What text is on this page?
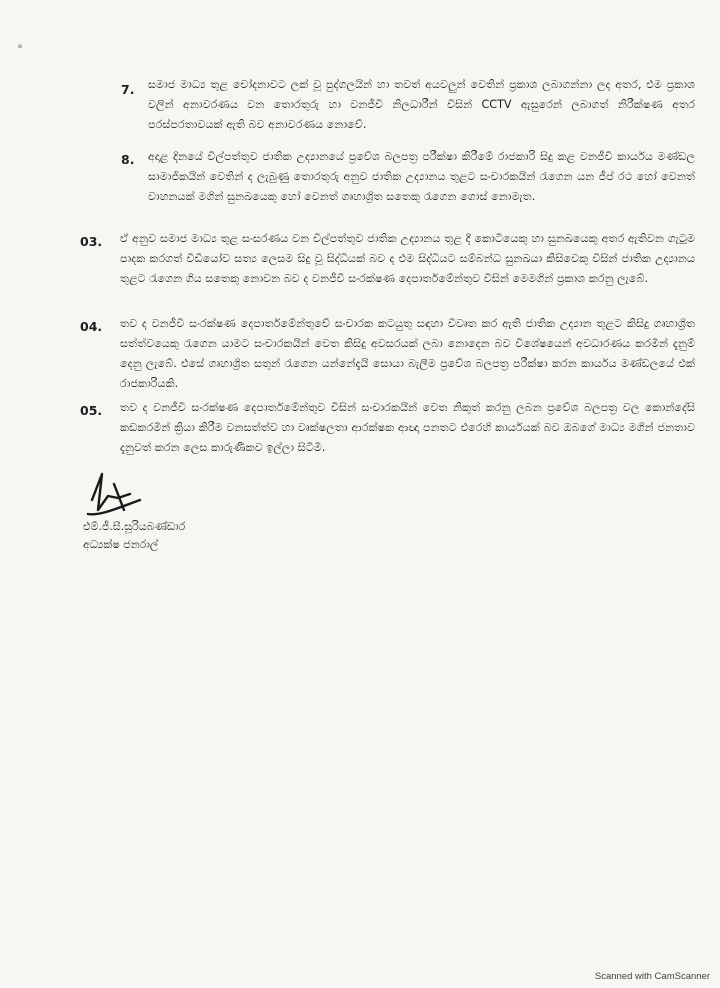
ₑ
7. සමාජ මාධ්‍ය තුළ චෝදනාවට ලක් වූ පුද්ගලයින් හා තවත් අයවලුන් වෙතින් ප්‍රකාශ ලබාගන්නා ලද අතර, එම ප්‍රකාශ වලින් අනාවරණය වන තොරතුරු හා වනජීවී නිලධාරීන් විසින් CCTV ඇසුරෙන් ලබාගත් නිරීක්ෂණ අතර පරස්පරතාවයක් ඇති බව අනාවරණය නොවේ.

8. අදාළ දිනයේ විල්පත්තුව ජාතික උද්‍යානයේ ප්‍රවේශ බලපත්‍ර පරීක්ෂා කිරීමේ රාජකාරි සිදු කළ වනජීවී කාර්යය මණ්ඩල සාමාජිකයින් වෙතින් ද ලැබුණු තොරතුරු අනුව ජාතික උද්‍යානය තුළට සංචාරකයින් රැගෙන යන ජීප් රථ හෝ වෙනත් වාහනයක් මගින් සුනඛයෙකු හෝ වෙනත් ගෘහාශ්‍රිත සතෙකු රැගෙන ගොස් නොමැත.

03. ඒ අනුව සමාජ මාධ්‍ය තුළ සංසරණය වන විල්පත්තුව ජාතික උද්‍යානය තුළ දී කොටියෙකු හා සුනඛයෙකු අතර ඇතිවන ගැටුම පාදක කරගත් වීඩියෝව සත්‍ය ලෙසම සිදු වූ සිද්ධියක් බව ද එම සිද්ධියට සම්බන්ධ සුනඛයා කිසිවෙකු විසින් ජාතික උද්‍යානය තුළට රැගෙන ගිය සතෙකු නොවන බව ද වනජීවී සංරක්ෂණ දෙපාර්තමේන්තුව විසින් මෙමගින් ප්‍රකාශ කරනු ලැබේ.

04. තව ද වනජීවී සංරක්ෂණ දෙපාර්තමේන්තුවේ සංචාරක කටයුතු සඳහා විවෘත කර ඇති ජාතික උද්‍යාන තුළට කිසිදු ගෘහාශ්‍රිත සත්ත්වයෙකු රැගෙන යාමට සංචාරකයින් වෙත කිසිදු අවසරයක් ලබා නොදෙන බව විශේෂයෙන් අවධාරණය කරමින් දැනුම් දෙනු ලැබේ. එසේ ගෘහාශ්‍රිත සතුන් රැගෙන යන්නේදැයි සොයා බැලීම ප්‍රවේශ බලපත්‍ර පරීක්ෂා කරන කාර්යය මණ්ඩලයේ එක් රාජකාරියකි.

05. තව ද වනජීවී සංරක්ෂණ දෙපාර්තමේන්තුව විසින් සංචාරකයින් වෙත නිකුත් කරනු ලබන ප්‍රවේශ බලපත්‍ර වල කොන්දේසි කඩකරමින් ක්‍රියා කිරීම වනසත්ත්ව හා වෘක්ෂලතා ආරක්ෂක ආඥා පනතට එරෙහි කාර්යයක් බව ඔබගේ මාධ්‍ය මගින් ජනතාව දැනුවත් කරන ලෙස කාරුණිකව ඉල්ලා සිටිමි.

එම්.ජී.සී.සූරියබණ්ඩාර
අධ්‍යක්ෂ ජනරාල්
Scanned with CamScanner
